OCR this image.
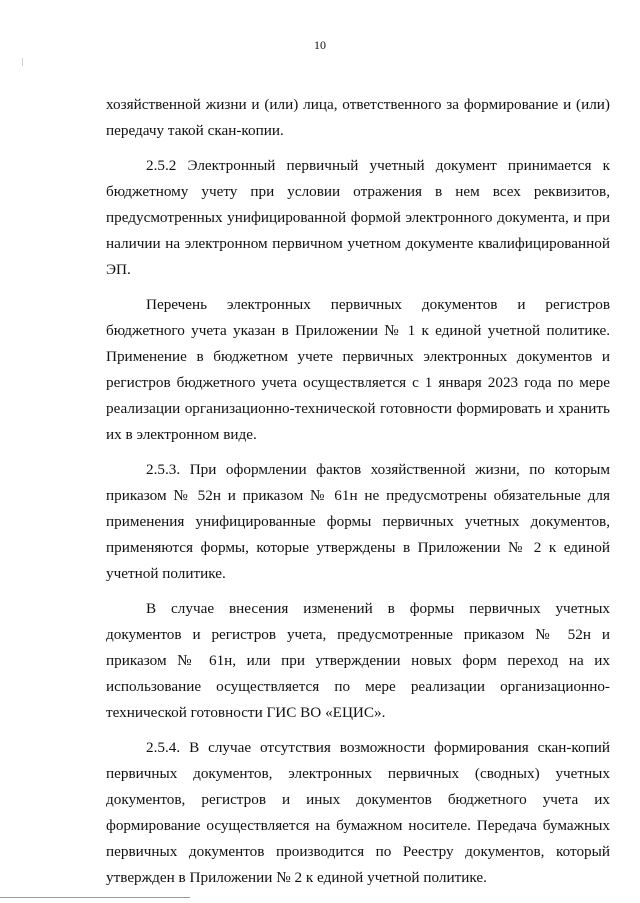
10

хозяйственной жизни и (или) лица, ответственного за формирование и (или) передачу такой скан-копии.

2.5.2 Электронный первичный учетный документ принимается к бюджетному учету при условии отражения в нем всех реквизитов, предусмотренных унифицированной формой электронного документа, и при наличии на электронном первичном учетном документе квалифицированной ЭП.

Перечень электронных первичных документов и регистров бюджетного учета указан в Приложении № 1 к единой учетной политике. Применение в бюджетном учете первичных электронных документов и регистров бюджетного учета осуществляется с 1 января 2023 года по мере реализации организационно-технической готовности формировать и хранить их в электронном виде.

2.5.3. При оформлении фактов хозяйственной жизни, по которым приказом № 52н и приказом № 61н не предусмотрены обязательные для применения унифицированные формы первичных учетных документов, применяются формы, которые утверждены в Приложении № 2 к единой учетной политике.

В случае внесения изменений в формы первичных учетных документов и регистров учета, предусмотренные приказом № 52н и приказом № 61н, или при утверждении новых форм переход на их использование осуществляется по мере реализации организационно-технической готовности ГИС ВО «ЕЦИС».

2.5.4. В случае отсутствия возможности формирования скан-копий первичных документов, электронных первичных (сводных) учетных документов, регистров и иных документов бюджетного учета их формирование осуществляется на бумажном носителе. Передача бумажных первичных документов производится по Реестру документов, который утвержден в Приложении № 2 к единой учетной политике.
